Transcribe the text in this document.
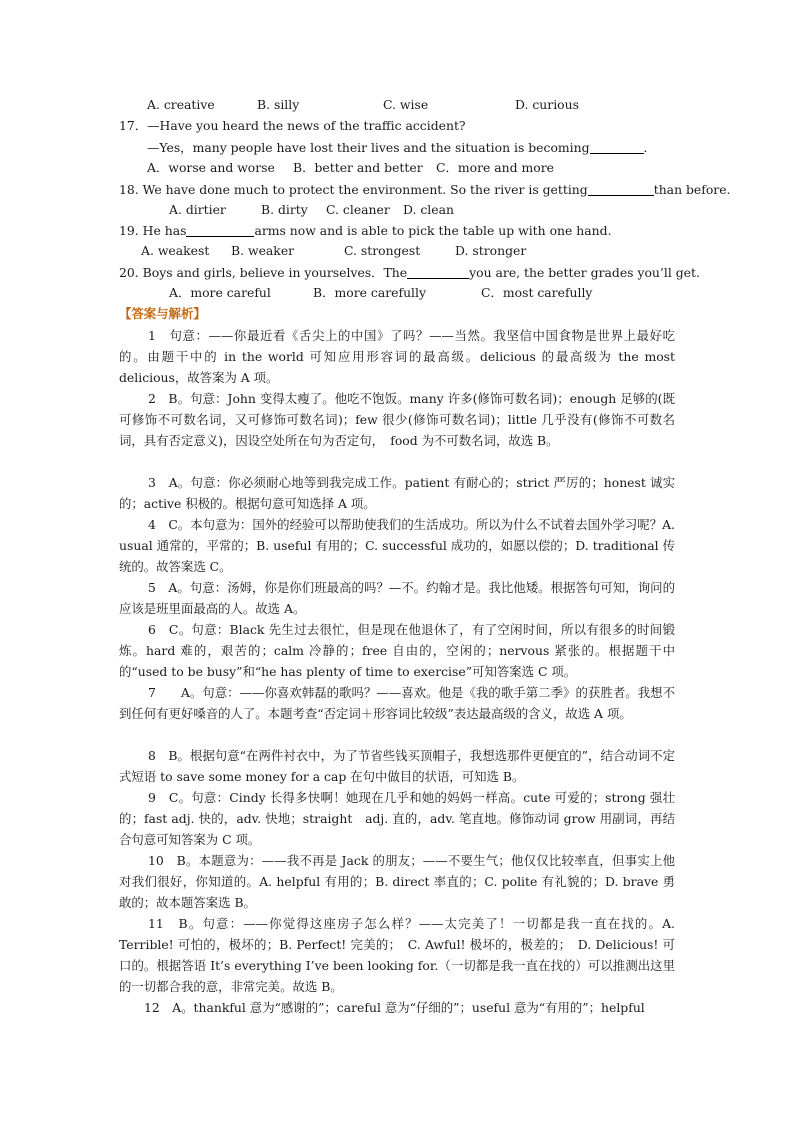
A. creative	B. silly	C. wise	D. curious
17．—Have you heard the news of the traffic accident?
—Yes，many people have lost their lives and the situation is becoming	．
A．worse and worse B．better and better C．more and more
18. We have done much to protect the environment. So the river is getting	than before.
A. dirtier	B. dirty C. cleaner D. clean
19. He has	arms now and is able to pick the table up with one hand.
A. weakest B. weaker	C. strongest	D. stronger
20. Boys and girls, believe in yourselves．The	you are, the better grades you’ll get.
A．more careful	B．more carefully	C．most carefully
【答案与解析】
1　句意：——你最近看《舌尖上的中国》了吗？——当然。我坚信中国食物是世界上最好吃的。由题干中的 in the world 可知应用形容词的最高级。delicious 的最高级为 the most delicious，故答案为 A 项。
2　B。句意：John 变得太瘦了。他吃不饱饭。many 许多(修饰可数名词)；enough 足够的(既可修饰不可数名词，又可修饰可数名词)；few 很少(修饰可数名词)；little 几乎没有(修饰不可数名词，具有否定意义)，因设空处所在句为否定句，　food 为不可数名词，故选 B。
3　A。句意：你必须耐心地等到我完成工作。patient 有耐心的；strict 严厉的；honest 诚实的；active 积极的。根据句意可知选择 A 项。
4　C。本句意为：国外的经验可以帮助使我们的生活成功。所以为什么不试着去国外学习呢？A. usual 通常的，平常的；B. useful 有用的；C. successful 成功的，如愿以偿的；D. traditional 传统的。故答案选 C。
5　A。句意：汤姆，你是你们班最高的吗？—不。约翰才是。我比他矮。根据答句可知，询问的应该是班里面最高的人。故选 A。
6　C。句意：Black 先生过去很忙，但是现在他退休了，有了空闲时间，所以有很多的时间锻炼。hard 难的，艰苦的；calm 冷静的；free 自由的，空闲的；nervous 紧张的。根据题干中的“used to be busy”和“he has plenty of time to exercise”可知答案选 C 项。
7　　A。句意：——你喜欢韩磊的歌吗？——喜欢。他是《我的歌手第二季》的获胜者。我想不到任何有更好嗓音的人了。本题考查“否定词＋形容词比较级”表达最高级的含义，故选 A 项。
8　B。根据句意“在两件衬衣中，为了节省些钱买顶帽子，我想选那件更便宜的”，结合动词不定式短语 to save some money for a cap 在句中做目的状语，可知选 B。
9　C。句意：Cindy 长得多快啊！她现在几乎和她的妈妈一样高。cute 可爱的；strong 强壮的；fast adj. 快的，adv. 快地；straight　adj. 直的，adv. 笔直地。修饰动词 grow 用副词，再结合句意可知答案为 C 项。
10　B。本题意为：——我不再是 Jack 的朋友；——不要生气；他仅仅比较率直，但事实上他对我们很好，你知道的。A. helpful 有用的；B. direct 率直的；C. polite 有礼貌的；D. brave 勇敢的；故本题答案选 B。
11　B。句意：——你觉得这座房子怎么样？——太完美了！一切都是我一直在找的。A. Terrible! 可怕的，极坏的；B. Perfect! 完美的；　C. Awful! 极坏的，极差的；　D. Delicious! 可口的。根据答语 It’s everything I’ve been looking for.（一切都是我一直在找的）可以推测出这里的一切都合我的意，非常完美。故选 B。
12　A。thankful 意为“感谢的”；careful 意为“仔细的”；useful 意为“有用的”；helpful
